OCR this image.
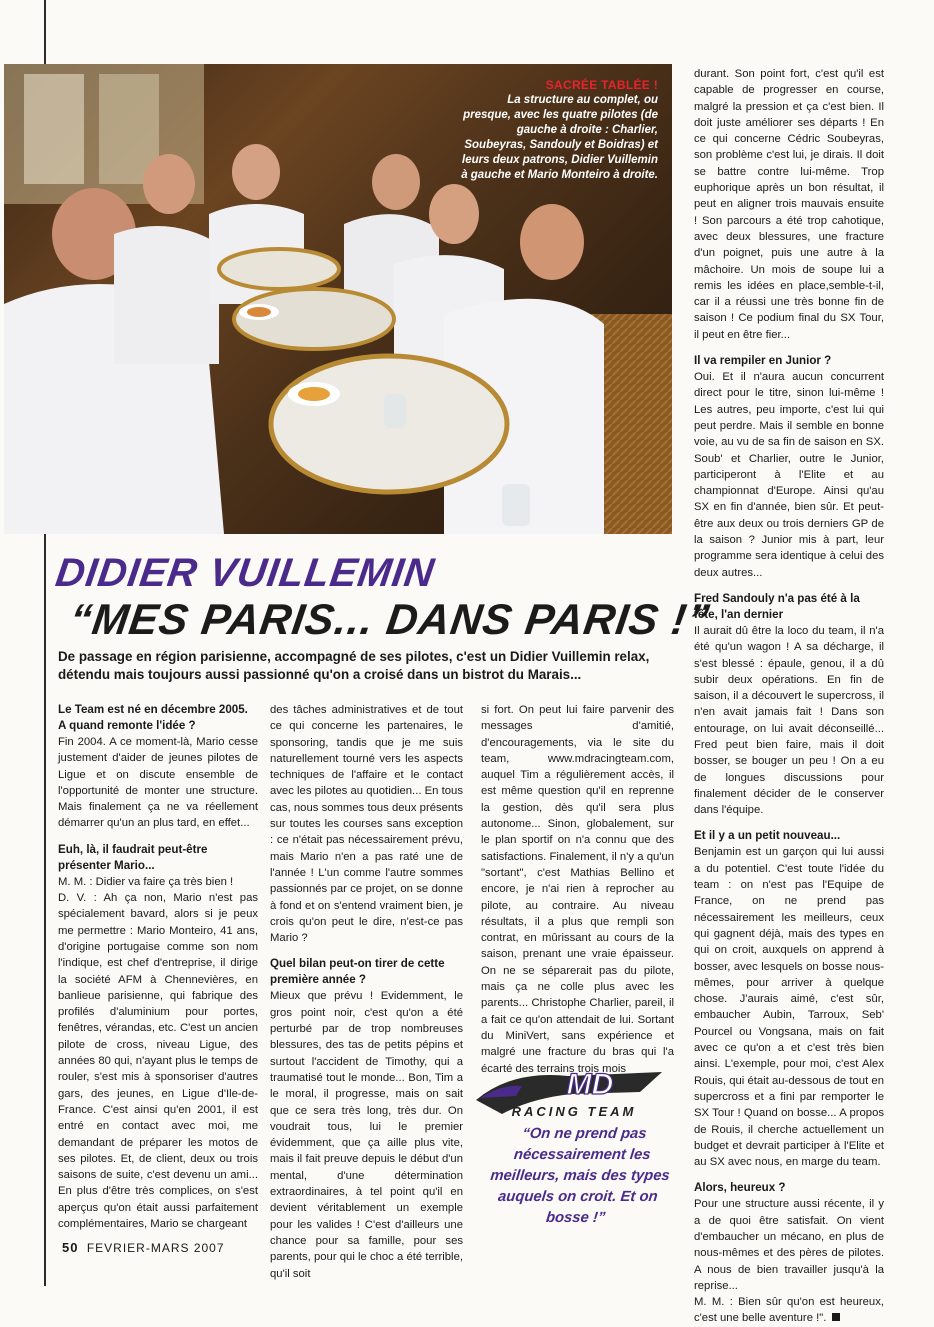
SACRÉE TABLÉE !
La structure au complet, ou presque, avec les quatre pilotes (de gauche à droite : Charlier, Soubeyras, Sandouly et Boidras) et leurs deux patrons, Didier Vuillemin à gauche et Mario Monteiro à droite.
DIDIER VUILLEMIN
“MES PARIS... DANS PARIS !”
De passage en région parisienne, accompagné de ses pilotes, c'est un Didier Vuillemin relax, détendu mais toujours aussi passionné qu'on a croisé dans un bistrot du Marais...
Le Team est né en décembre 2005. A quand remonte l'idée ?

Fin 2004. A ce moment-là, Mario cesse justement d'aider de jeunes pilotes de Ligue et on discute ensemble de l'opportunité de monter une structure. Mais finalement ça ne va réellement démarrer qu'un an plus tard, en effet...

Euh, là, il faudrait peut-être présenter Mario...

M. M. : Didier va faire ça très bien !

D. V. : Ah ça non, Mario n'est pas spécialement bavard, alors si je peux me permettre : Mario Monteiro, 41 ans, d'origine portugaise comme son nom l'indique, est chef d'entreprise, il dirige la société AFM à Chennevières, en banlieue parisienne, qui fabrique des profilés d'aluminium pour portes, fenêtres, vérandas, etc. C'est un ancien pilote de cross, niveau Ligue, des années 80 qui, n'ayant plus le temps de rouler, s'est mis à sponsoriser d'autres gars, des jeunes, en Ligue d'Ile-de-France. C'est ainsi qu'en 2001, il est entré en contact avec moi, me demandant de préparer les motos de ses pilotes. Et, de client, deux ou trois saisons de suite, c'est devenu un ami... En plus d'être très complices, on s'est aperçus qu'on était aussi parfaitement complémentaires, Mario se chargeant

des tâches administratives et de tout ce qui concerne les partenaires, le sponsoring, tandis que je me suis naturellement tourné vers les aspects techniques de l'affaire et le contact avec les pilotes au quotidien... En tous cas, nous sommes tous deux présents sur toutes les courses sans exception : ce n'était pas nécessairement prévu, mais Mario n'en a pas raté une de l'année ! L'un comme l'autre sommes passionnés par ce projet, on se donne à fond et on s'entend vraiment bien, je crois qu'on peut le dire, n'est-ce pas Mario ?

Quel bilan peut-on tirer de cette première année ?

Mieux que prévu ! Evidemment, le gros point noir, c'est qu'on a été perturbé par de trop nombreuses blessures, des tas de petits pépins et surtout l'accident de Timothy, qui a traumatisé tout le monde... Bon, Tim a le moral, il progresse, mais on sait que ce sera très long, très dur. On voudrait tous, lui le premier évidemment, que ça aille plus vite, mais il fait preuve depuis le début d'un mental, d'une détermination extraordinaires, à tel point qu'il en devient véritablement un exemple pour les valides ! C'est d'ailleurs une chance pour sa famille, pour ses parents, pour qui le choc a été terrible, qu'il soit

si fort. On peut lui faire parvenir des messages d'amitié, d'encouragements, via le site du team, www.mdracingteam.com, auquel Tim a régulièrement accès, il est même question qu'il en reprenne la gestion, dès qu'il sera plus autonome... Sinon, globalement, sur le plan sportif on n'a connu que des satisfactions. Finalement, il n'y a qu'un "sortant", c'est Mathias Bellino et encore, je n'ai rien à reprocher au pilote, au contraire. Au niveau résultats, il a plus que rempli son contrat, en mûrissant au cours de la saison, prenant une vraie épaisseur. On ne se séparerait pas du pilote, mais ça ne colle plus avec les parents... Christophe Charlier, pareil, il a fait ce qu'on attendait de lui. Sortant du MiniVert, sans expérience et malgré une fracture du bras qui l'a écarté des terrains trois mois

MD
RACING TEAM
“On ne prend pas nécessairement les meilleurs, mais des types auquels on croit. Et on bosse !”

durant. Son point fort, c'est qu'il est capable de progresser en course, malgré la pression et ça c'est bien. Il doit juste améliorer ses départs ! En ce qui concerne Cédric Soubeyras, son problème c'est lui, je dirais. Il doit se battre contre lui-même. Trop euphorique après un bon résultat, il peut en aligner trois mauvais ensuite ! Son parcours a été trop cahotique, avec deux blessures, une fracture d'un poignet, puis une autre à la mâchoire. Un mois de soupe lui a remis les idées en place,semble-t-il, car il a réussi une très bonne fin de saison ! Ce podium final du SX Tour, il peut en être fier...

Il va rempiler en Junior ?

Oui. Et il n'aura aucun concurrent direct pour le titre, sinon lui-même ! Les autres, peu importe, c'est lui qui peut perdre. Mais il semble en bonne voie, au vu de sa fin de saison en SX. Soub' et Charlier, outre le Junior, participeront à l'Elite et au championnat d'Europe. Ainsi qu'au SX en fin d'année, bien sûr. Et peut-être aux deux ou trois derniers GP de la saison ? Junior mis à part, leur programme sera identique à celui des deux autres...

Fred Sandouly n'a pas été à la fête, l'an dernier

Il aurait dû être la loco du team, il n'a été qu'un wagon ! A sa décharge, il s'est blessé : épaule, genou, il a dû subir deux opérations. En fin de saison, il a découvert le supercross, il n'en avait jamais fait ! Dans son entourage, on lui avait déconseillé... Fred peut bien faire, mais il doit bosser, se bouger un peu ! On a eu de longues discussions pour finalement décider de le conserver dans l'équipe.

Et il y a un petit nouveau...

Benjamin est un garçon qui lui aussi a du potentiel. C'est toute l'idée du team : on n'est pas l'Equipe de France, on ne prend pas nécessairement les meilleurs, ceux qui gagnent déjà, mais des types en qui on croit, auxquels on apprend à bosser, avec lesquels on bosse nous-mêmes, pour arriver à quelque chose. J'aurais aimé, c'est sûr, embaucher Aubin, Tarroux, Seb' Pourcel ou Vongsana, mais on fait avec ce qu'on a et c'est très bien ainsi. L'exemple, pour moi, c'est Alex Rouis, qui était au-dessous de tout en supercross et a fini par remporter le SX Tour ! Quand on bosse... A propos de Rouis, il cherche actuellement un budget et devrait participer à l'Elite et au SX avec nous, en marge du team.

Alors, heureux ?

Pour une structure aussi récente, il y a de quoi être satisfait. On vient d'embaucher un mécano, en plus de nous-mêmes et des pères de pilotes. A nous de bien travailler jusqu'à la reprise...

M. M. : Bien sûr qu'on est heureux, c'est une belle aventure !".

50 FEVRIER-MARS 2007
